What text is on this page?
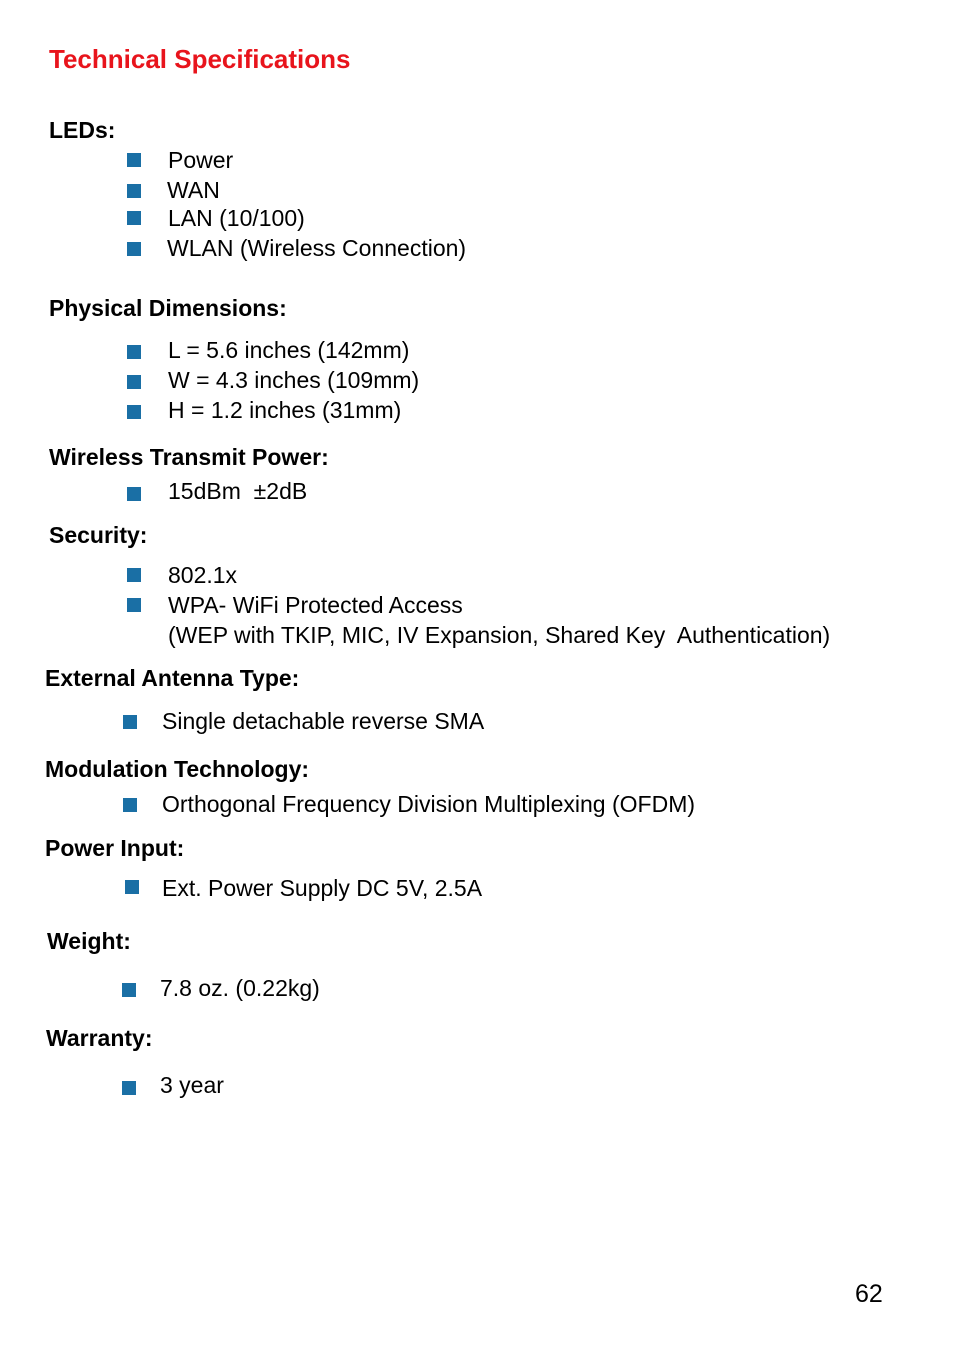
Technical Specifications
LEDs:
Power
WAN
LAN (10/100)
WLAN (Wireless Connection)
Physical Dimensions:
L = 5.6 inches (142mm)
W = 4.3 inches (109mm)
H = 1.2 inches (31mm)
Wireless Transmit Power:
15dBm  ±2dB
Security:
802.1x
WPA- WiFi Protected Access
(WEP with TKIP, MIC, IV Expansion, Shared Key  Authentication)
External Antenna Type:
Single detachable reverse SMA
Modulation Technology:
Orthogonal Frequency Division Multiplexing (OFDM)
Power Input:
Ext. Power Supply DC 5V, 2.5A
Weight:
7.8 oz. (0.22kg)
Warranty:
3 year
62
